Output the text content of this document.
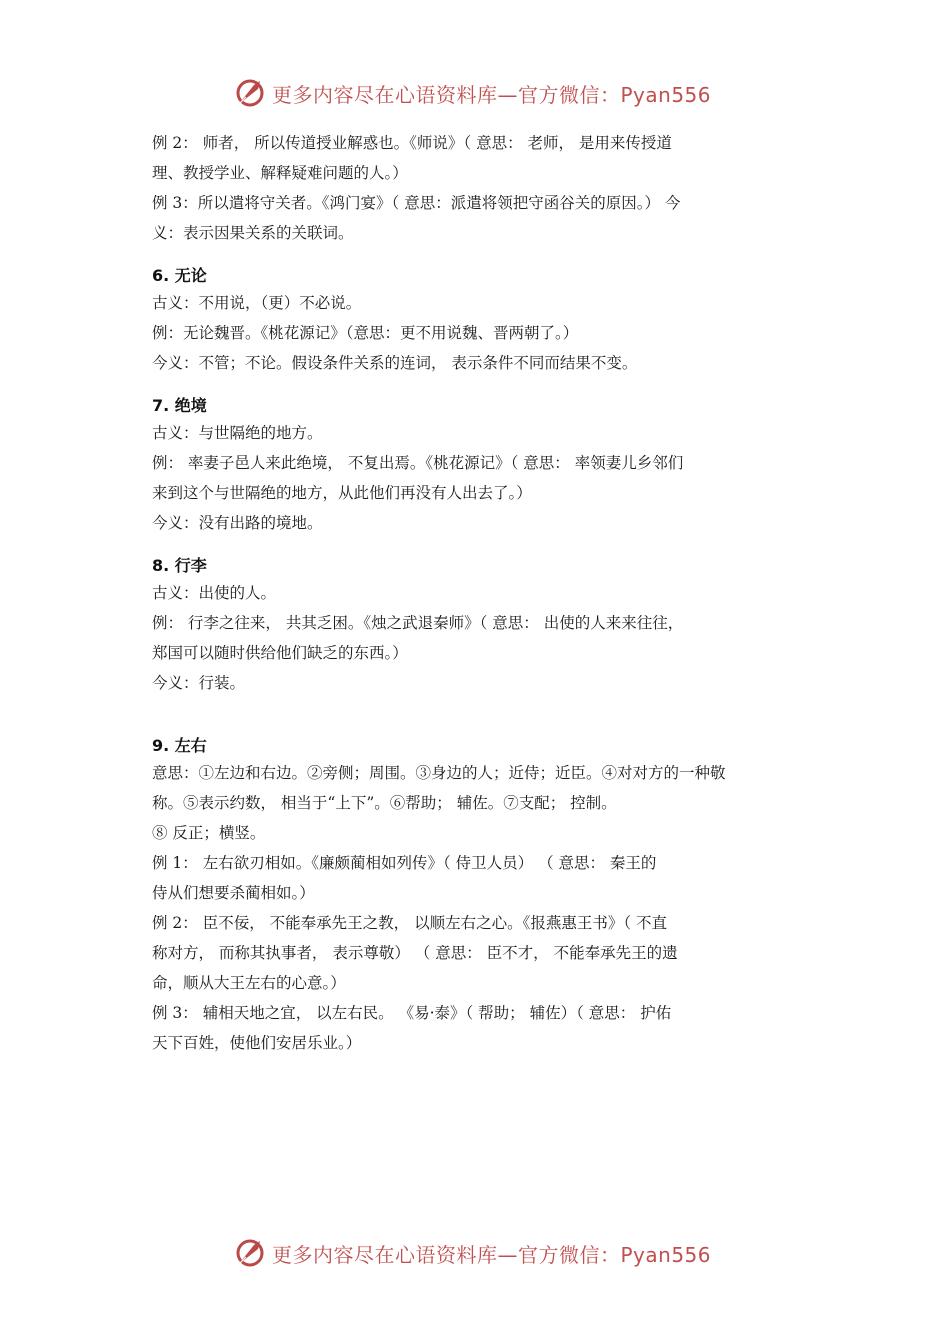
更多内容尽在心语资料库—官方微信：Pyan556

例 2： 师者， 所以传道授业解惑也。《师说》（ 意思： 老师， 是用来传授道

理、教授学业、解释疑难问题的人。）

例 3：所以遣将守关者。《鸿门宴》（ 意思：派遣将领把守函谷关的原因。） 今

义：表示因果关系的关联词。

6. 无论

古义：不用说，（更）不必说。

例：无论魏晋。《桃花源记》（意思：更不用说魏、晋两朝了。）

今义：不管；不论。假设条件关系的连词， 表示条件不同而结果不变。

7. 绝境

古义：与世隔绝的地方。

例： 率妻子邑人来此绝境， 不复出焉。《桃花源记》（ 意思： 率领妻儿乡邻们

来到这个与世隔绝的地方，从此他们再没有人出去了。）

今义：没有出路的境地。

8. 行李

古义：出使的人。

例： 行李之往来， 共其乏困。《烛之武退秦师》（ 意思： 出使的人来来往往，

郑国可以随时供给他们缺乏的东西。）

今义：行装。

9. 左右

意思：①左边和右边。②旁侧；周围。③身边的人；近侍；近臣。④对对方的一种敬

称。⑤表示约数， 相当于“上下”。⑥帮助； 辅佐。⑦支配； 控制。

⑧ 反正；横竖。

例 1： 左右欲刃相如。《廉颇蔺相如列传》（ 侍卫人员） （ 意思： 秦王的

侍从们想要杀蔺相如。）

例 2： 臣不佞， 不能奉承先王之教， 以顺左右之心。《报燕惠王书》（ 不直

称对方， 而称其执事者， 表示尊敬） （ 意思： 臣不才， 不能奉承先王的遗

命，顺从大王左右的心意。）

例 3： 辅相天地之宜， 以左右民。 《易·泰》（ 帮助； 辅佐）（ 意思： 护佑

天下百姓，使他们安居乐业。）

更多内容尽在心语资料库—官方微信：Pyan556
